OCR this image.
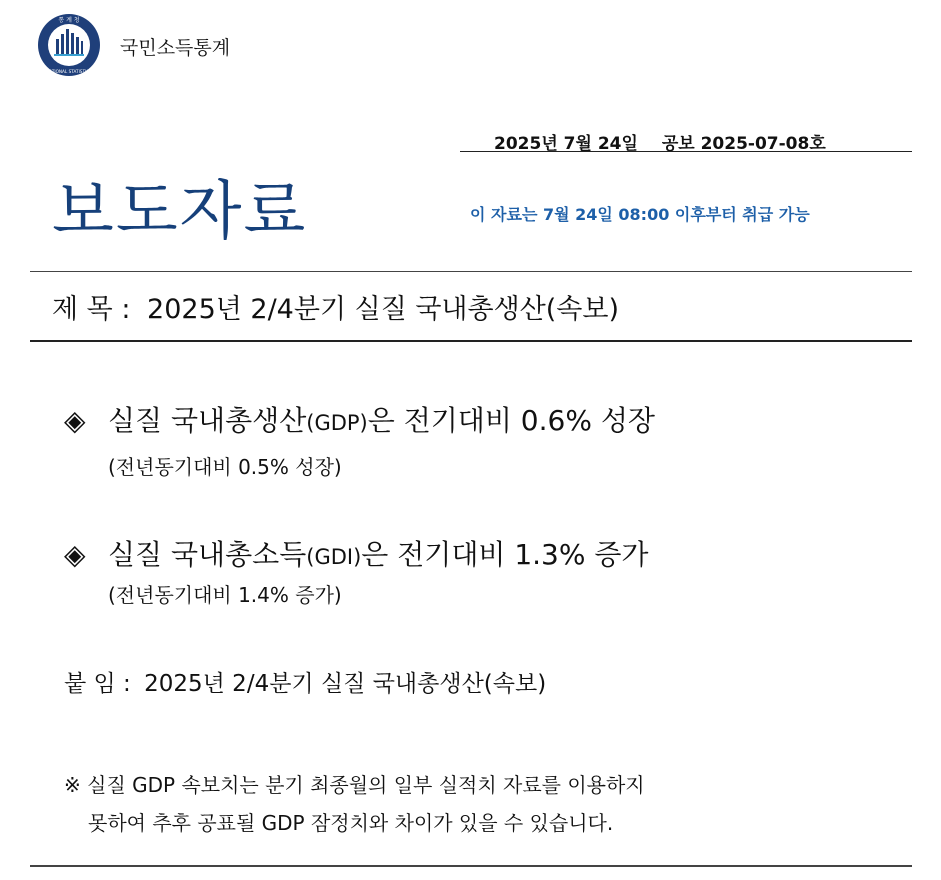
통 계 청
NATIONAL STATISTICS
국민소득통계
2025년 7월 24일 공보 2025-07-08호
보도자료	이 자료는 7월 24일 08:00 이후부터 취급 가능
제 목 : 2025년 2/4분기 실질 국내총생산(속보)
◈ 실질 국내총생산(GDP)은 전기대비 0.6% 성장
(전년동기대비 0.5% 성장)
◈ 실질 국내총소득(GDI)은 전기대비 1.3% 증가
(전년동기대비 1.4% 증가)
붙 임 : 2025년 2/4분기 실질 국내총생산(속보)
※ 실질 GDP 속보치는 분기 최종월의 일부 실적치 자료를 이용하지
못하여 추후 공표될 GDP 잠정치와 차이가 있을 수 있습니다.
